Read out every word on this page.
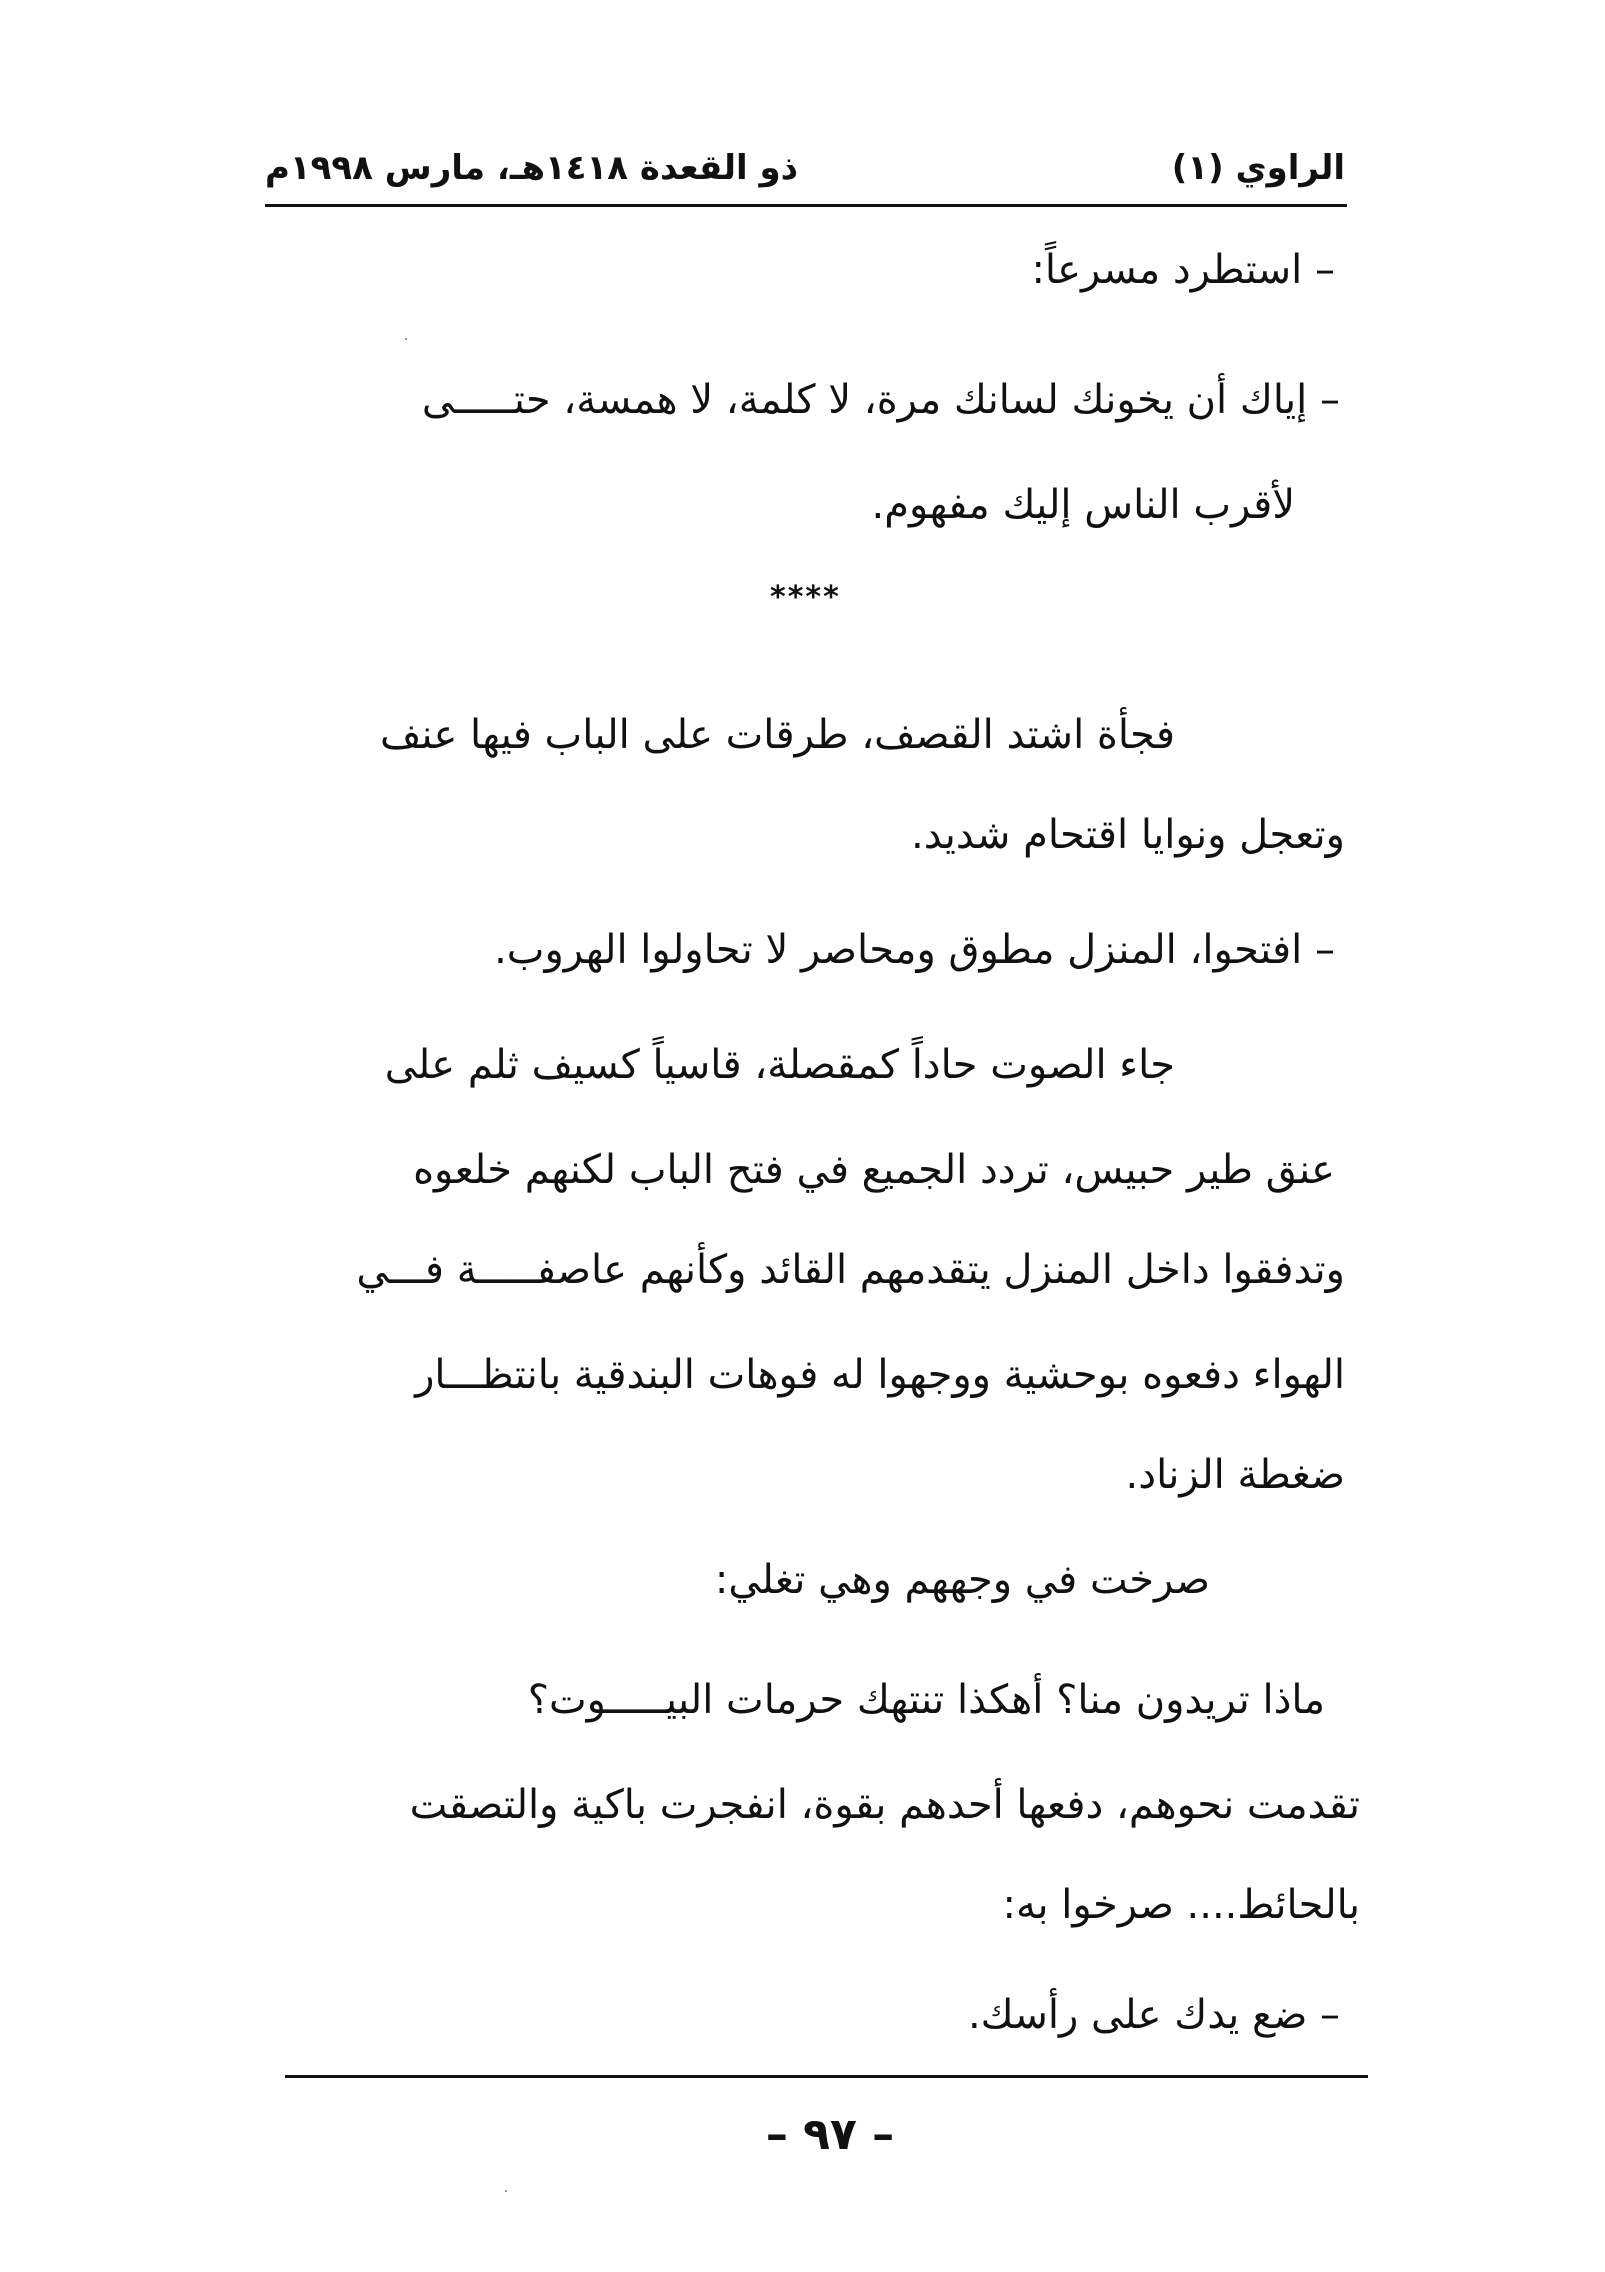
الراوي (١)
ذو القعدة ١٤١٨هـ، مارس ١٩٩٨م
– استطرد مسرعاً:
– إياك أن يخونك لسانك مرة، لا كلمة، لا همسة، حتـــــى
لأقرب الناس إليك مفهوم.
****
فجأة اشتد القصف، طرقات على الباب فيها عنف
وتعجل ونوايا اقتحام شديد.
– افتحوا، المنزل مطوق ومحاصر لا تحاولوا الهروب.
جاء الصوت حاداً كمقصلة، قاسياً كسيف ثلم على
عنق طير حبيس، تردد الجميع في فتح الباب لكنهم خلعوه
وتدفقوا داخل المنزل يتقدمهم القائد وكأنهم عاصفـــــة فـــي
الهواء دفعوه بوحشية ووجهوا له فوهات البندقية بانتظـــار
ضغطة الزناد.
صرخت في وجههم وهي تغلي:
ماذا تريدون منا؟ أهكذا تنتهك حرمات البيـــــوت؟
تقدمت نحوهم، دفعها أحدهم بقوة، انفجرت باكية والتصقت
بالحائط.... صرخوا به:
– ضع يدك على رأسك.
– ٩٧ –
